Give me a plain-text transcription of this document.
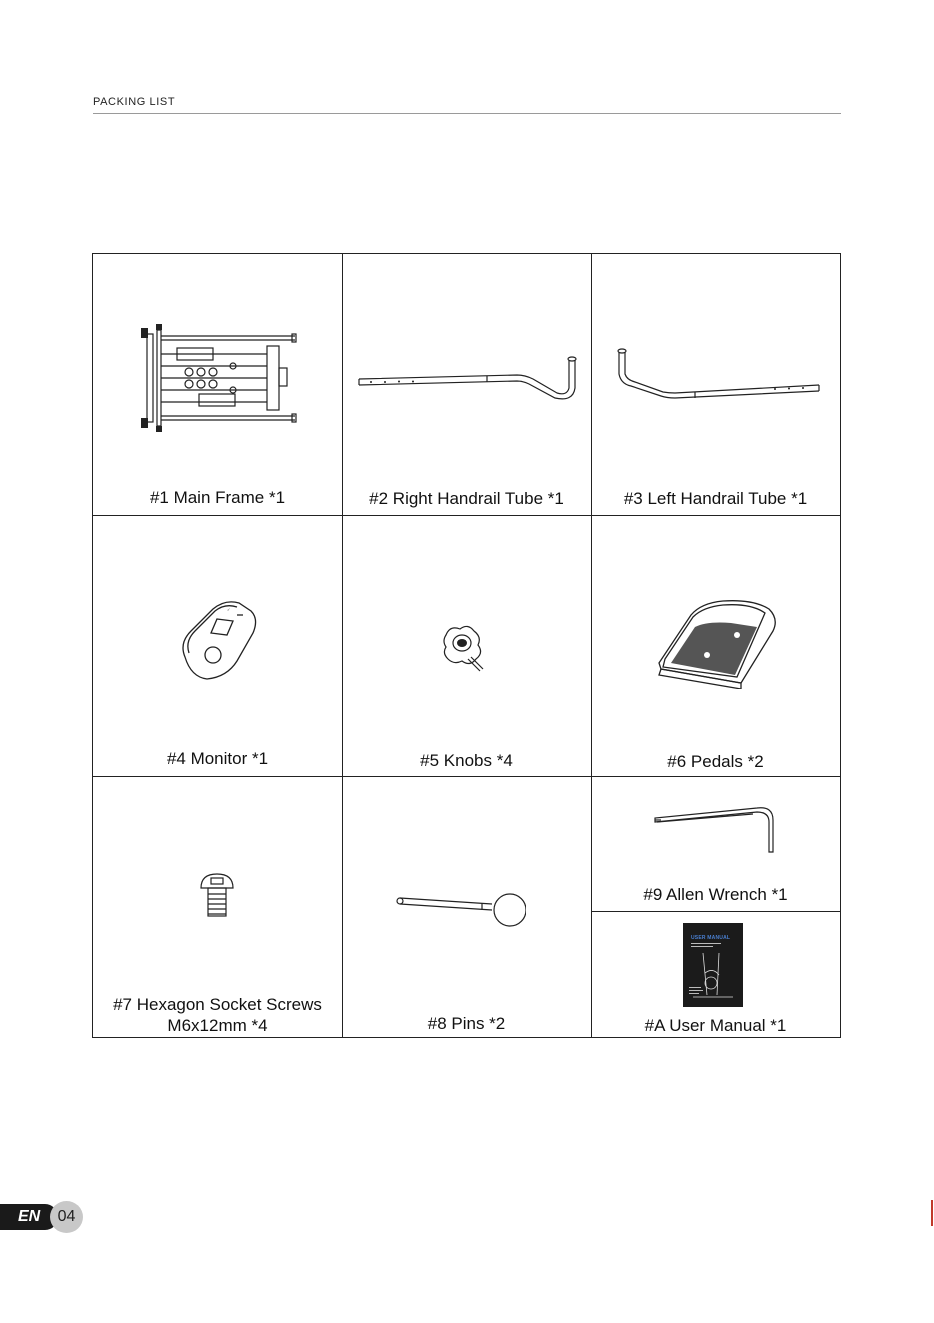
PACKING LIST
#1 Main Frame *1	#2 Right Handrail Tube *1	#3 Left Handrail Tube *1
✓
#4 Monitor *1	#5 Knobs *4	#6 Pedals *2
#7 Hexagon Socket Screws
M6x12mm *4	#8 Pins *2
#9 Allen Wrench *1
USER MANUAL
#A User Manual *1
EN	04
